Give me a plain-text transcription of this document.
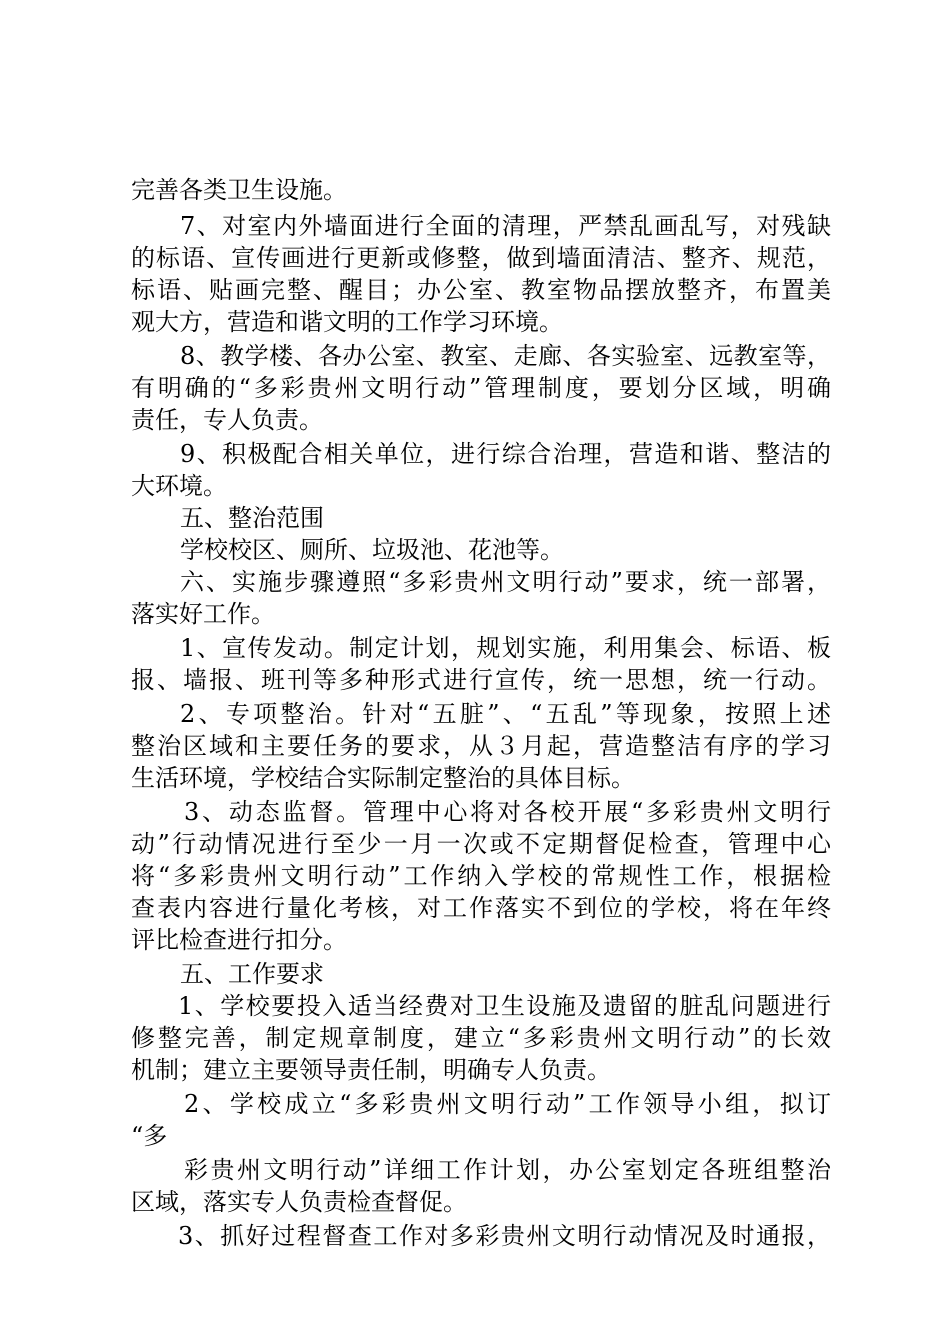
完善各类卫生设施。
7、对室内外墙面进行全面的清理，严禁乱画乱写，对残缺
的标语、宣传画进行更新或修整，做到墙面清洁、整齐、规范，
标语、贴画完整、醒目；办公室、教室物品摆放整齐，布置美
观大方，营造和谐文明的工作学习环境。
8、教学楼、各办公室、教室、走廊、各实验室、远教室等，
有明确的“多彩贵州文明行动”管理制度，要划分区域，明确
责任，专人负责。
9、积极配合相关单位，进行综合治理，营造和谐、整洁的
大环境。
五、整治范围
学校校区、厕所、垃圾池、花池等。
六、实施步骤遵照“多彩贵州文明行动”要求，统一部署，
落实好工作。
1、宣传发动。制定计划，规划实施，利用集会、标语、板
报、墙报、班刊等多种形式进行宣传，统一思想，统一行动。
2、专项整治。针对“五脏”、“五乱”等现象，按照上述
整治区域和主要任务的要求，从３月起，营造整洁有序的学习
生活环境，学校结合实际制定整治的具体目标。
3、动态监督。管理中心将对各校开展“多彩贵州文明行
动”行动情况进行至少一月一次或不定期督促检查，管理中心
将“多彩贵州文明行动”工作纳入学校的常规性工作，根据检
查表内容进行量化考核，对工作落实不到位的学校，将在年终
评比检查进行扣分。
五、工作要求
1、学校要投入适当经费对卫生设施及遗留的脏乱问题进行
修整完善，制定规章制度，建立“多彩贵州文明行动”的长效
机制；建立主要领导责任制，明确专人负责。
2、学校成立“多彩贵州文明行动”工作领导小组，拟订
“多
彩贵州文明行动”详细工作计划，办公室划定各班组整治
区域，落实专人负责检查督促。
3、抓好过程督查工作对多彩贵州文明行动情况及时通报，
